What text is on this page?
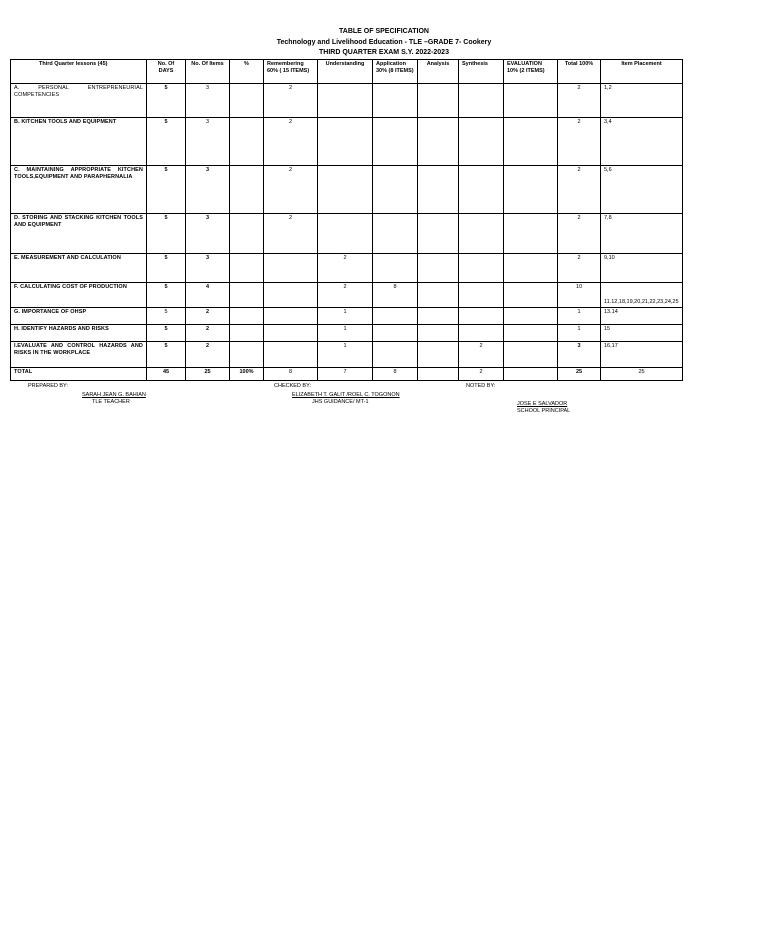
TABLE OF SPECIFICATION
Technology and Livelihood Education - TLE –GRADE 7- Cookery
THIRD QUARTER EXAM S.Y. 2022-2023
Third Quarter lessons (45)	No. Of DAYS	No. Of Items	%	Remembering 60% ( 15 ITEMS)	Understanding	Application 30% (8 ITEMS)	Analysis	Synthesis	EVALUATION 10% (2 ITEMS)	Total 100%	Item Placement
A. PERSONAL ENTREPRENEURIAL COMPETENCIES	5	3		2						2	1,2
B. KITCHEN TOOLS AND EQUIPMENT	5	3		2						2	3,4
C. MAINTAINING APPROPRIATE KITCHEN TOOLS,EQUIPMENT AND PARAPHERNALIA	5	3		2						2	5,6
D. STORING AND STACKING KITCHEN TOOLS AND EQUIPMENT	5	3		2						2	7,8
E. MEASUREMENT AND CALCULATION	5	3			2					2	9,10
F. CALCULATING COST OF PRODUCTION	5	4			2	8				10	11.12,18,19,20,21,22,23,24,25
G. IMPORTANCE OF OHSP	5	2			1					1	13.14
H. IDENTIFY HAZARDS AND RISKS	5	2			1					1	15
I.EVALUATE AND CONTROL HAZARDS AND RISKS IN THE WORKPLACE	5	2			1			2		3	16,17
TOTAL	45	25	100%	8	7	8		2		25	25
PREPARED BY:
SARAH JEAN G. BAHIAN
TLE TEACHER
CHECKED BY:
ELIZABETH T. GALIT /ROEL C. TOGONON
JHS GUIDANCE/ MT-1
NOTED BY:
JOSE E SALVADOR
SCHOOL PRINCIPAL
